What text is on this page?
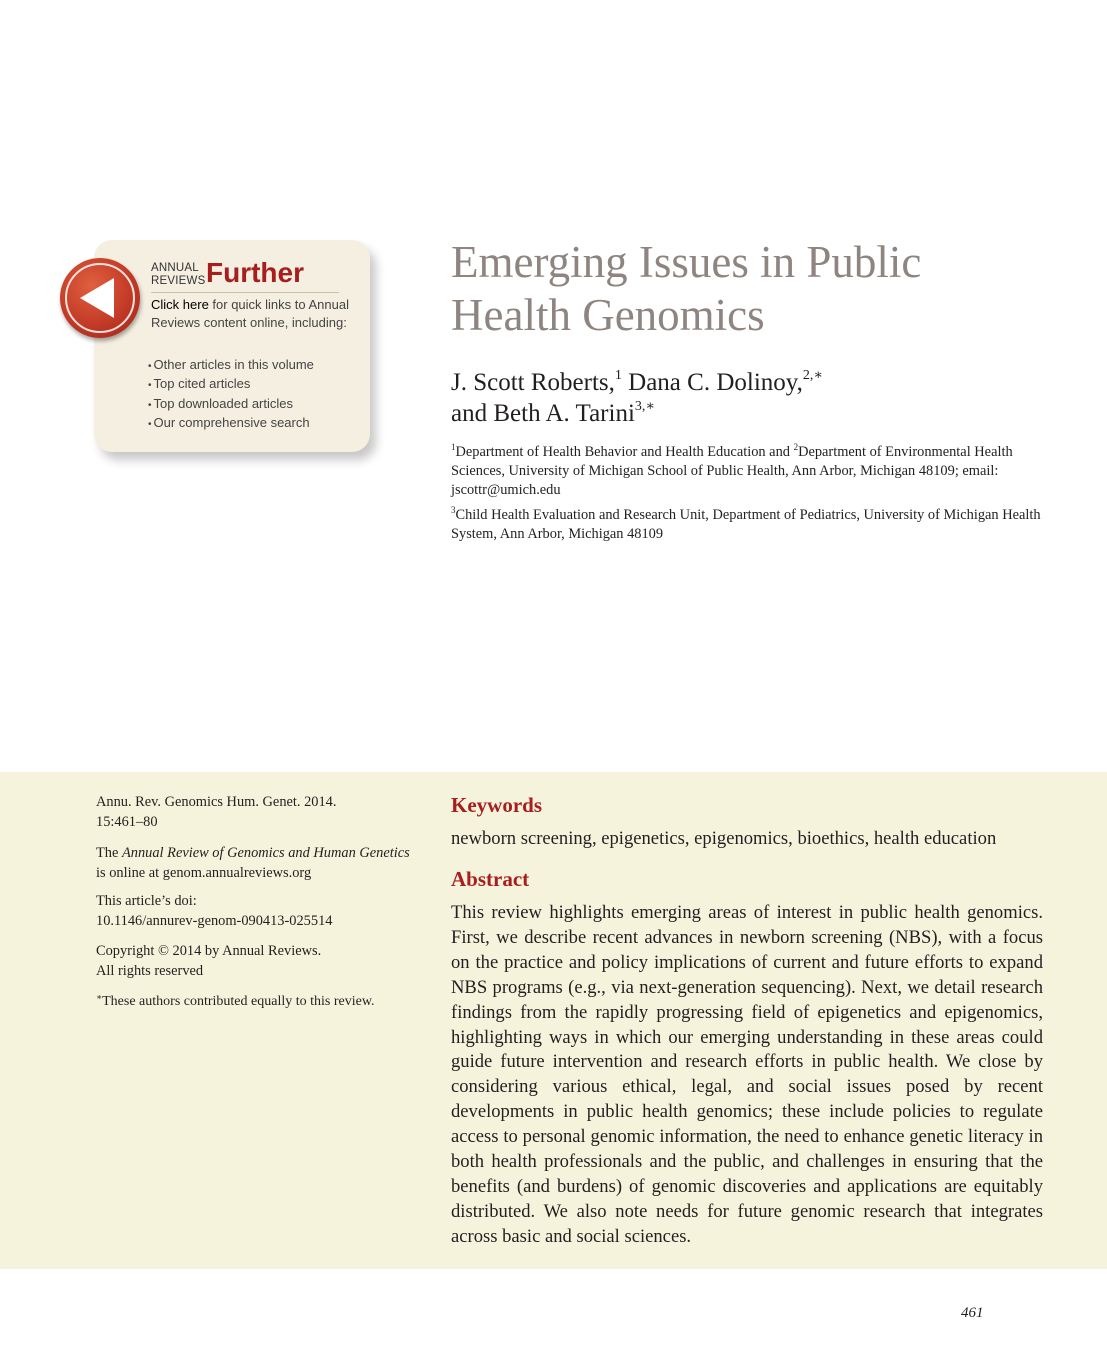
ANNUAL
REVIEWS Further
Click here for quick links to Annual Reviews content online, including:
• Other articles in this volume
• Top cited articles
• Top downloaded articles
• Our comprehensive search
Emerging Issues in Public
Health Genomics
J. Scott Roberts,$^1$ Dana C. Dolinoy,$^{2,∗}$
and Beth A. Tarini$^{3,∗}$
$^1$Department of Health Behavior and Health Education and $^2$Department of Environmental Health Sciences, University of Michigan School of Public Health, Ann Arbor, Michigan 48109; email: jscottr@umich.edu
$^3$Child Health Evaluation and Research Unit, Department of Pediatrics, University of Michigan Health System, Ann Arbor, Michigan 48109
Annu. Rev. Genomics Hum. Genet. 2014.
15:461–80
The Annual Review of Genomics and Human Genetics
is online at genom.annualreviews.org
This article’s doi:
10.1146/annurev-genom-090413-025514
Copyright © 2014 by Annual Reviews.
All rights reserved
∗These authors contributed equally to this review.
Keywords
newborn screening, epigenetics, epigenomics, bioethics, health education
Abstract

This review highlights emerging areas of interest in public health genomics. First, we describe recent advances in newborn screening (NBS), with a focus on the practice and policy implications of current and future efforts to expand NBS programs (e.g., via next-generation sequencing). Next, we detail research findings from the rapidly progressing field of epigenetics and epigenomics, highlighting ways in which our emerging understanding in these areas could guide future intervention and research efforts in public health. We close by considering various ethical, legal, and social issues posed by recent developments in public health genomics; these include policies to regulate access to personal genomic information, the need to enhance genetic literacy in both health professionals and the public, and challenges in ensuring that the benefits (and burdens) of genomic discoveries and applications are equitably distributed. We also note needs for future genomic research that integrates across basic and social sciences.

461
